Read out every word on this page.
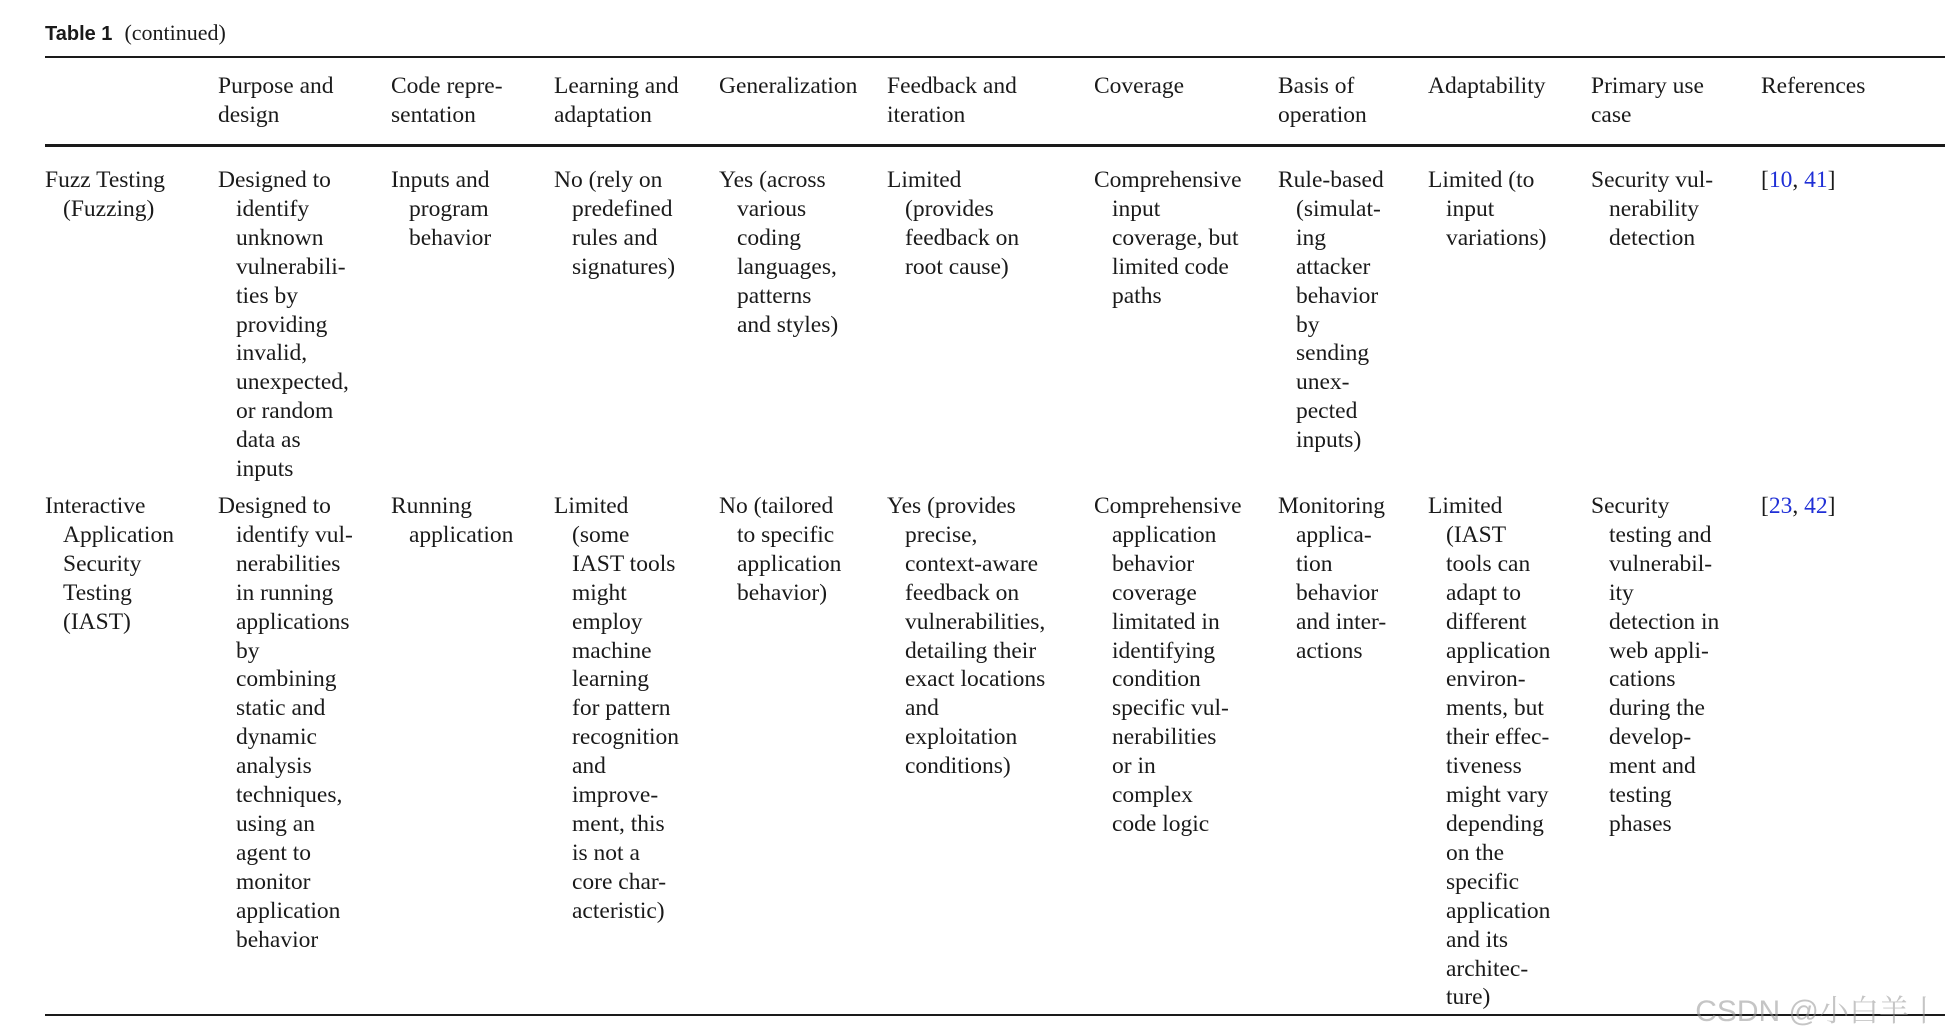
Table 1 (continued)
Purpose and
design
Code repre-
sentation
Learning and
adaptation
Generalization Feedback and
iteration
Coverage	Basis of
operation
Adaptability Primary use
case
References
Fuzz Testing
(Fuzzing)
Designed to
identify
unknown
vulnerabili-
ties by
providing
invalid,
unexpected,
or random
data as
inputs
Inputs and
program
behavior
No (rely on
predefined
rules and
signatures)
Yes (across
various
coding
languages,
patterns
and styles)
Limited
(provides
feedback on
root cause)
Comprehensive
input
coverage, but
limited code
paths
Rule-based
(simulat-
ing
attacker
behavior
by
sending
unex-
pected
inputs)
Limited (to
input
variations)
Security vul-
nerability
detection
[10, 41]
Interactive
Application
Security
Testing
(IAST)
Designed to
identify vul-
nerabilities
in running
applications
by
combining
static and
dynamic
analysis
techniques,
using an
agent to
monitor
application
behavior
Running
application
Limited
(some
IAST tools
might
employ
machine
learning
for pattern
recognition
and
improve-
ment, this
is not a
core char-
acteristic)
No (tailored
to specific
application
behavior)
Yes (provides
precise,
context-aware
feedback on
vulnerabilities,
detailing their
exact locations
and
exploitation
conditions)
Comprehensive
application
behavior
coverage
limitated in
identifying
condition
specific vul-
nerabilities
or in
complex
code logic
Monitoring
applica-
tion
behavior
and inter-
actions
Limited
(IAST
tools can
adapt to
different
application
environ-
ments, but
their effec-
tiveness
might vary
depending
on the
specific
application
and its
architec-
ture)
Security
testing and
vulnerabil-
ity
detection in
web appli-
cations
during the
develop-
ment and
testing
phases
[23, 42]
CSDN @小白羊丨
